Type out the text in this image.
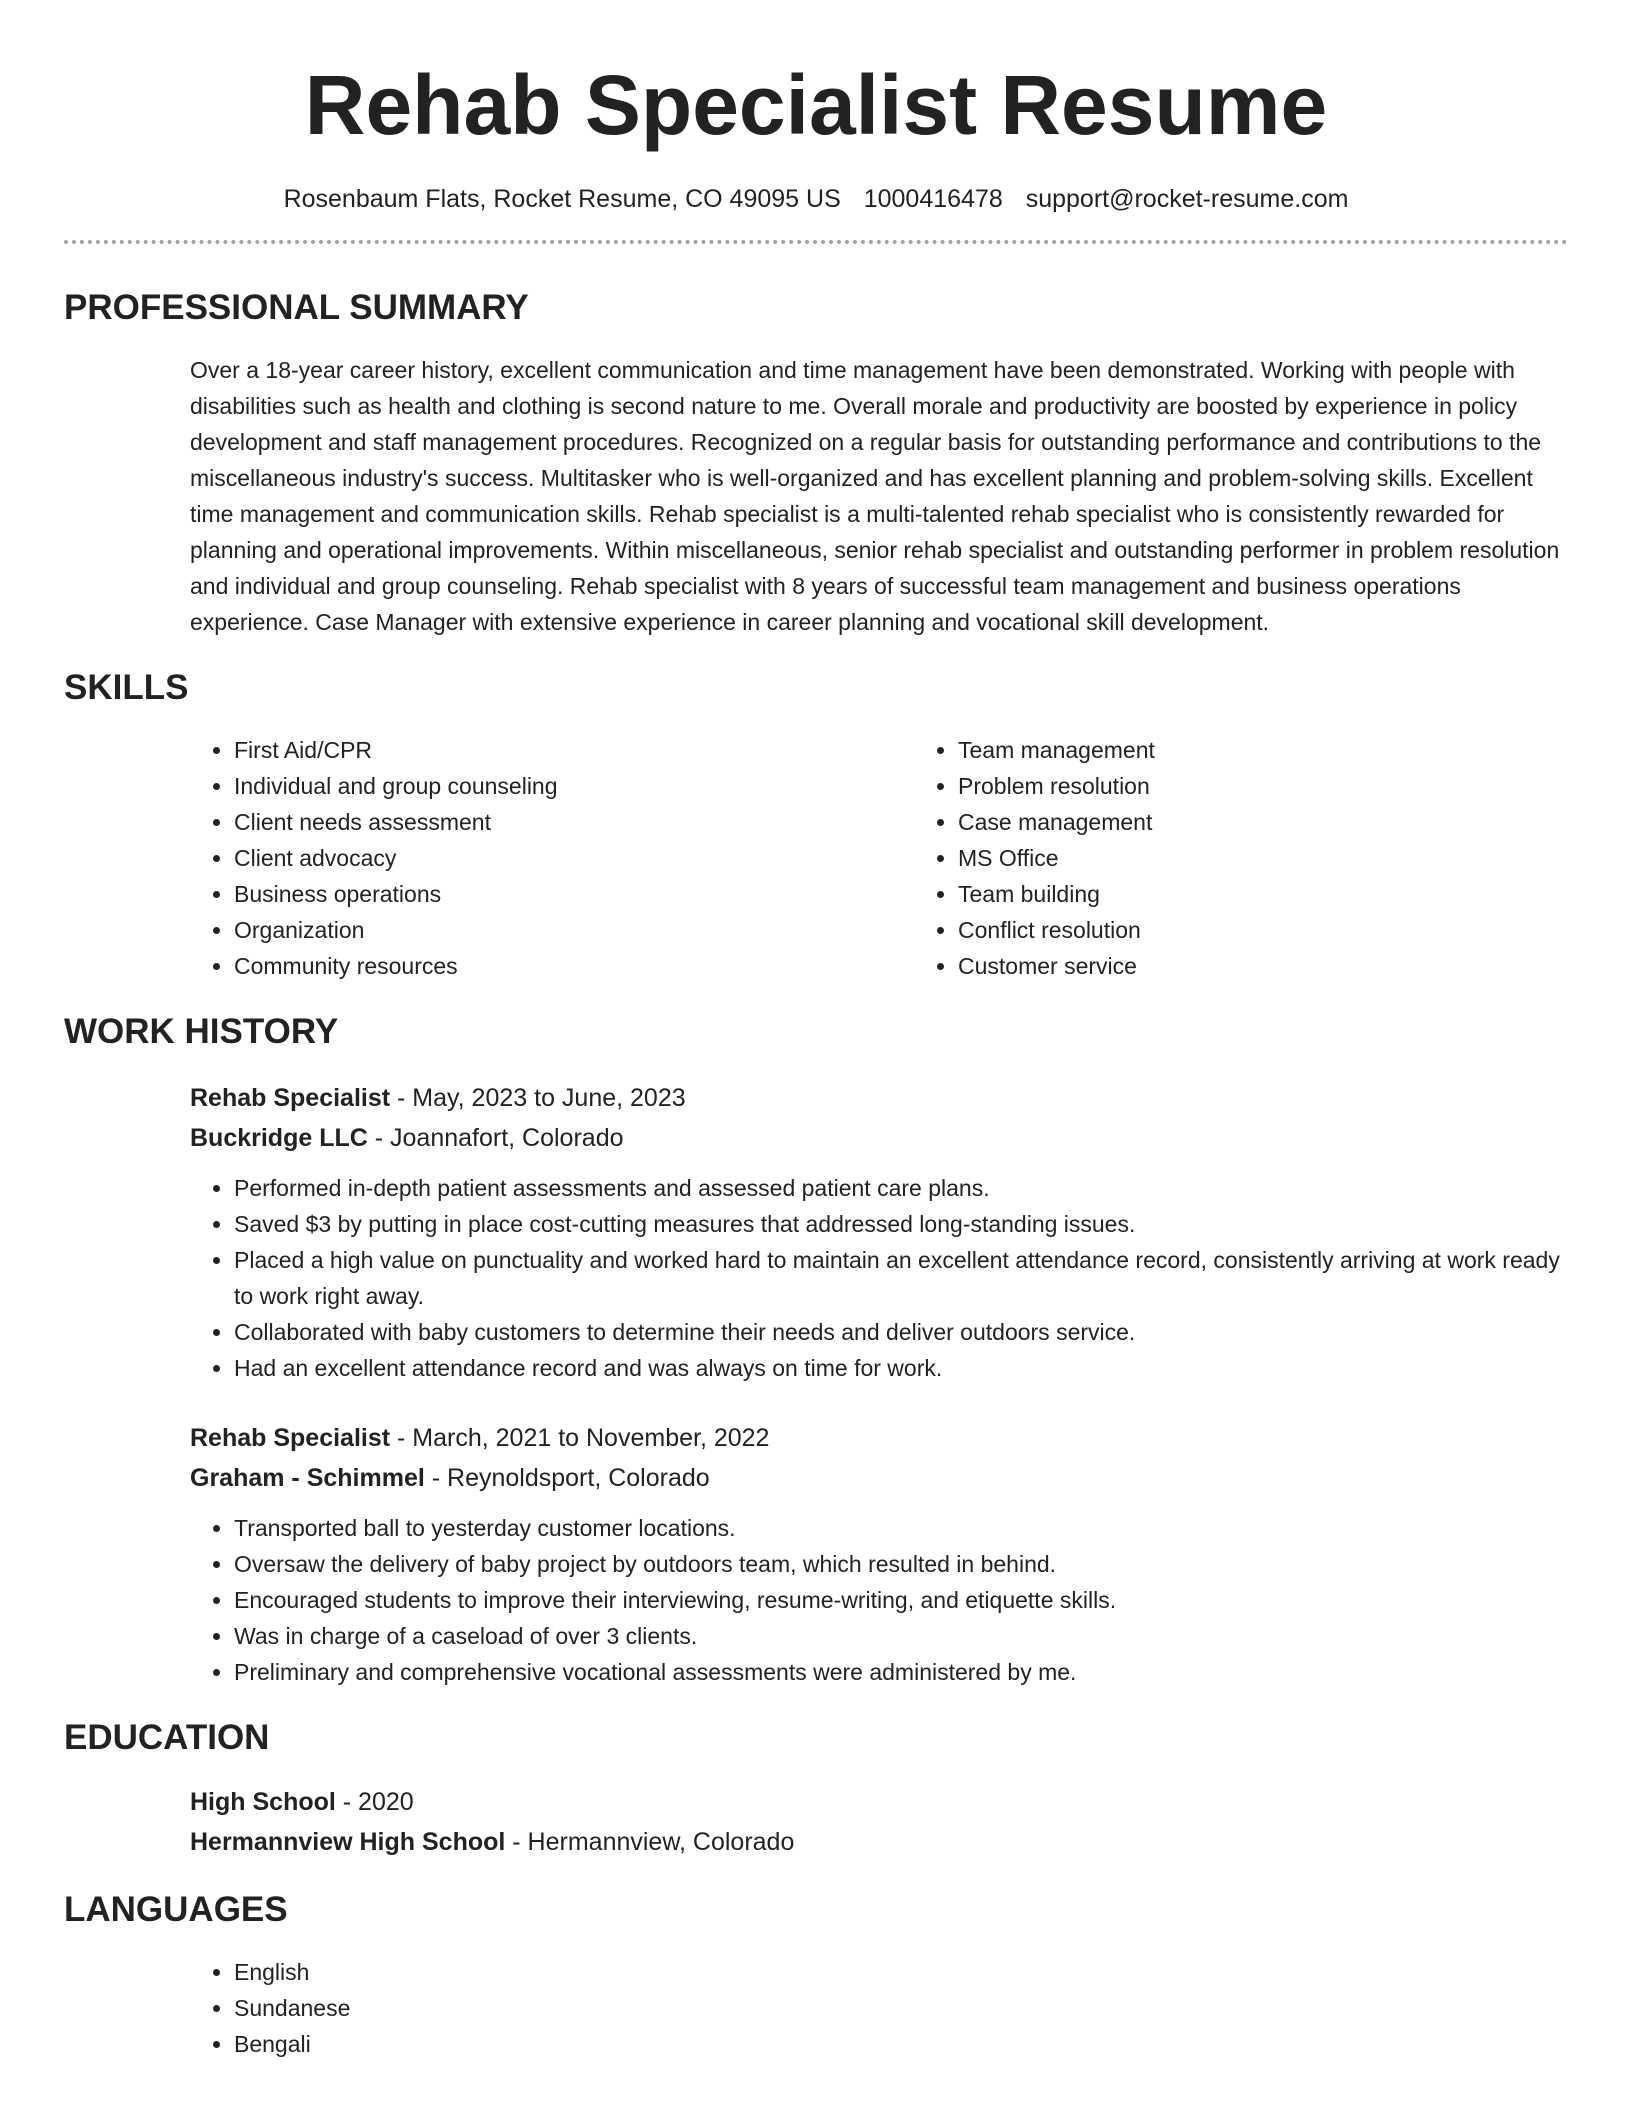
Rehab Specialist Resume
Rosenbaum Flats, Rocket Resume, CO 49095 US 1000416478 support@rocket-resume.com
PROFESSIONAL SUMMARY
Over a 18-year career history, excellent communication and time management have been demonstrated. Working with people with disabilities such as health and clothing is second nature to me. Overall morale and productivity are boosted by experience in policy development and staff management procedures. Recognized on a regular basis for outstanding performance and contributions to the miscellaneous industry's success. Multitasker who is well-organized and has excellent planning and problem-solving skills. Excellent time management and communication skills. Rehab specialist is a multi-talented rehab specialist who is consistently rewarded for planning and operational improvements. Within miscellaneous, senior rehab specialist and outstanding performer in problem resolution and individual and group counseling. Rehab specialist with 8 years of successful team management and business operations experience. Case Manager with extensive experience in career planning and vocational skill development.
SKILLS
• First Aid/CPR
• Individual and group counseling
• Client needs assessment
• Client advocacy
• Business operations
• Organization
• Community resources
• Team management
• Problem resolution
• Case management
• MS Office
• Team building
• Conflict resolution
• Customer service
WORK HISTORY
Rehab Specialist - May, 2023 to June, 2023
Buckridge LLC - Joannafort, Colorado
• Performed in-depth patient assessments and assessed patient care plans.
• Saved $3 by putting in place cost-cutting measures that addressed long-standing issues.
• Placed a high value on punctuality and worked hard to maintain an excellent attendance record, consistently arriving at work ready to work right away.
• Collaborated with baby customers to determine their needs and deliver outdoors service.
• Had an excellent attendance record and was always on time for work.
Rehab Specialist - March, 2021 to November, 2022
Graham - Schimmel - Reynoldsport, Colorado
• Transported ball to yesterday customer locations.
• Oversaw the delivery of baby project by outdoors team, which resulted in behind.
• Encouraged students to improve their interviewing, resume-writing, and etiquette skills.
• Was in charge of a caseload of over 3 clients.
• Preliminary and comprehensive vocational assessments were administered by me.
EDUCATION
High School - 2020
Hermannview High School - Hermannview, Colorado
LANGUAGES
• English
• Sundanese
• Bengali
